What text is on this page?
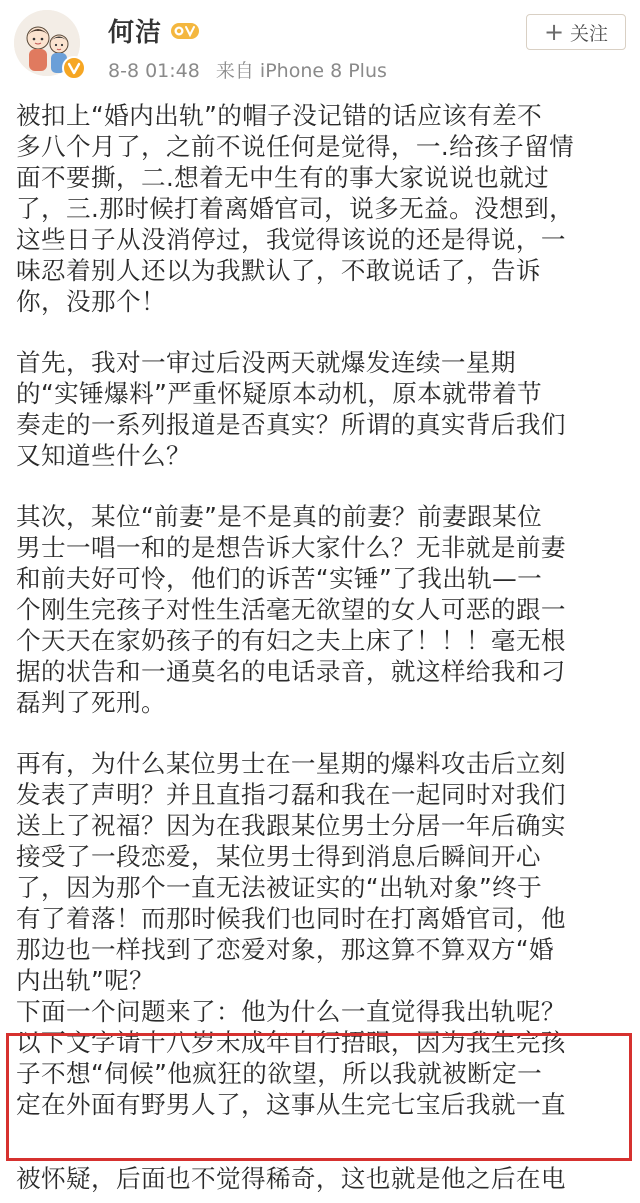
何洁
8-8 01:48 来自 iPhone 8 Plus
+ 关注

被扣上“婚内出轨”的帽子没记错的话应该有差不
多八个月了，之前不说任何是觉得，一.给孩子留情
面不要撕，二.想着无中生有的事大家说说也就过
了，三.那时候打着离婚官司，说多无益。没想到，
这些日子从没消停过，我觉得该说的还是得说，一
味忍着别人还以为我默认了，不敢说话了，告诉
你，没那个！

首先，我对一审过后没两天就爆发连续一星期
的“实锤爆料”严重怀疑原本动机，原本就带着节
奏走的一系列报道是否真实？所谓的真实背后我们
又知道些什么？

其次，某位“前妻”是不是真的前妻？前妻跟某位
男士一唱一和的是想告诉大家什么？无非就是前妻
和前夫好可怜，他们的诉苦“实锤”了我出轨—一
个刚生完孩子对性生活毫无欲望的女人可恶的跟一
个天天在家奶孩子的有妇之夫上床了！！！毫无根
据的状告和一通莫名的电话录音，就这样给我和刁
磊判了死刑。

再有，为什么某位男士在一星期的爆料攻击后立刻
发表了声明？并且直指刁磊和我在一起同时对我们
送上了祝福？因为在我跟某位男士分居一年后确实
接受了一段恋爱，某位男士得到消息后瞬间开心
了，因为那个一直无法被证实的“出轨对象”终于
有了着落！而那时候我们也同时在打离婚官司，他
那边也一样找到了恋爱对象，那这算不算双方“婚
内出轨”呢？

下面一个问题来了：他为什么一直觉得我出轨呢？
以下文字请十八岁未成年自行捂眼，因为我生完孩
子不想“伺候”他疯狂的欲望，所以我就被断定一
定在外面有野男人了，这事从生完七宝后我就一直

被怀疑，后面也不觉得稀奇，这也就是他之后在电
